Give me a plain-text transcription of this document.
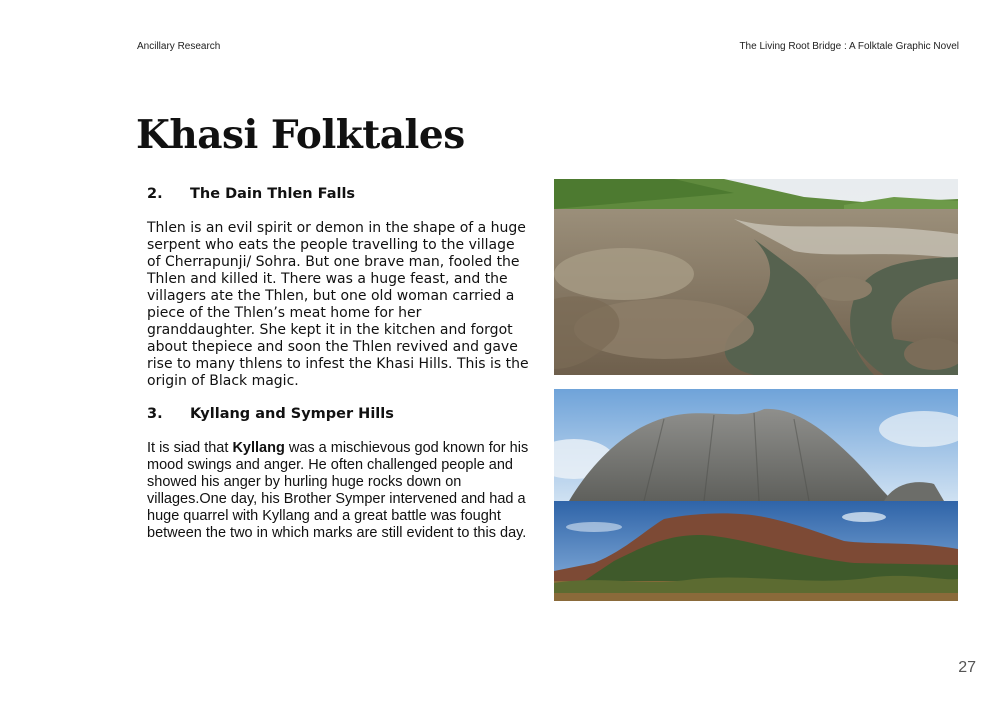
Ancillary Research	The Living Root Bridge : A Folktale Graphic Novel
Khasi Folktales
2. The Dain Thlen Falls

Thlen is an evil spirit or demon in the shape of a huge serpent who eats the people travelling to the village of Cherrapunji/ Sohra. But one brave man, fooled the Thlen and killed it. There was a huge feast, and the villagers ate the Thlen, but one old woman carried a piece of the Thlen’s meat home for her granddaughter. She kept it in the kitchen and forgot about thepiece and soon the Thlen revived and gave rise to many thlens to infest the Khasi Hills. This is the origin of Black magic.

3. Kyllang and Symper Hills

It is siad that Kyllang was a mischievous god known for his mood swings and anger. He often challenged people and showed his anger by hurling huge rocks down on villages.One day, his Brother Symper intervened and had a huge quarrel with Kyllang and a great battle was fought between the two in which marks are still evident to this day.

27
